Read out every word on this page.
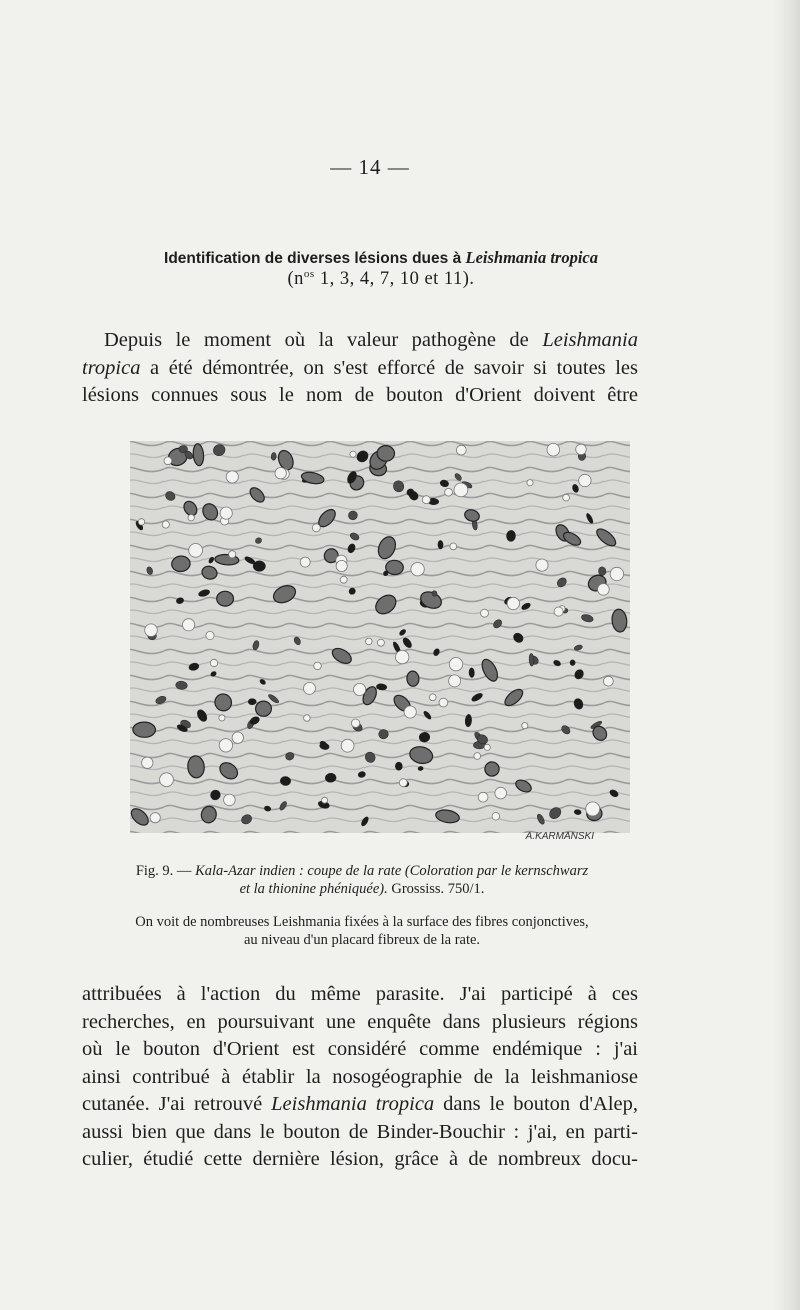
— 14 —
Identification de diverses lésions dues à Leishmania tropica
($n^{os}$ 1, 3, 4, 7, 10 et 11).
Depuis le moment où la valeur pathogène de Leishmania
tropica a été démontrée, on s'est efforcé de savoir si toutes les
lésions connues sous le nom de bouton d'Orient doivent être
A.KARMANSKI
Fig. 9. — Kala-Azar indien : coupe de la rate (Coloration par le kernschwarz
et la thionine phéniquée). Grossiss. 750/1.
On voit de nombreuses Leishmania fixées à la surface des fibres conjonctives,
au niveau d'un placard fibreux de la rate.
attribuées à l'action du même parasite. J'ai participé à ces
recherches, en poursuivant une enquête dans plusieurs régions
où le bouton d'Orient est considéré comme endémique : j'ai
ainsi contribué à établir la nosogéographie de la leishmaniose
cutanée. J'ai retrouvé Leishmania tropica dans le bouton d'Alep,
aussi bien que dans le bouton de Binder-Bouchir : j'ai, en parti-
culier, étudié cette dernière lésion, grâce à de nombreux docu-
